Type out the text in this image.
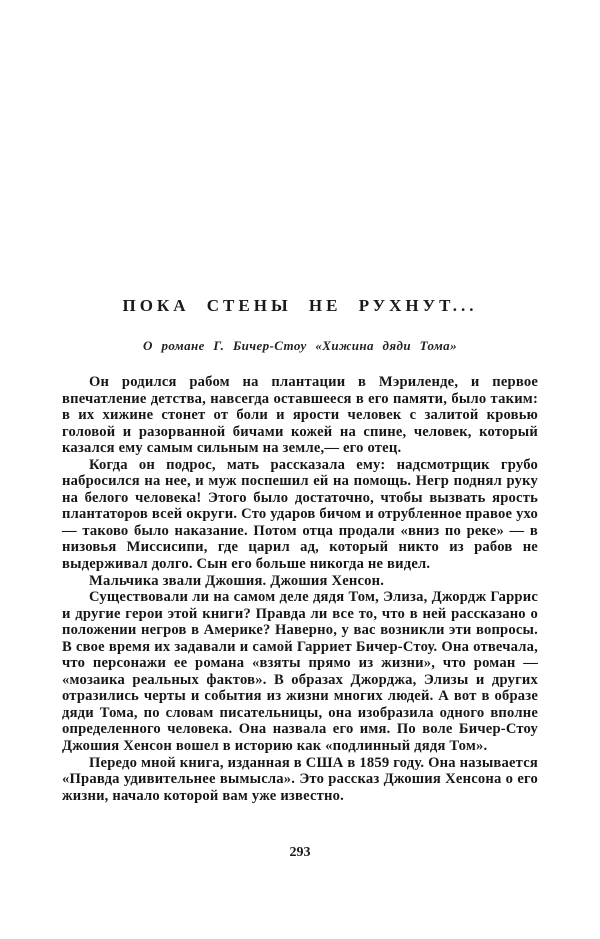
ПОКА СТЕНЫ НЕ РУХНУТ...
О романе Г. Бичер-Стоу «Хижина дяди Тома»

Он родился рабом на плантации в Мэриленде, и первое впечатление детства, навсегда оставшееся в его памяти, было таким: в их хижине стонет от боли и ярости человек с залитой кровью головой и разорванной бичами кожей на спине, человек, который казался ему самым сильным на земле,— его отец.

Когда он подрос, мать рассказала ему: надсмотрщик грубо набросился на нее, и муж поспешил ей на помощь. Негр поднял руку на белого человека! Этого было достаточно, чтобы вызвать ярость плантаторов всей округи. Сто ударов бичом и отрубленное правое ухо — таково было наказание. Потом отца продали «вниз по реке» — в низовья Миссисипи, где царил ад, который никто из рабов не выдерживал долго. Сын его больше никогда не видел.

Мальчика звали Джошия. Джошия Хенсон.

Существовали ли на самом деле дядя Том, Элиза, Джордж Гаррис и другие герои этой книги? Правда ли все то, что в ней рассказано о положении негров в Америке? Наверно, у вас возникли эти вопросы. В свое время их задавали и самой Гарриет Бичер-Стоу. Она отвечала, что персонажи ее романа «взяты прямо из жизни», что роман — «мозаика реальных фактов». В образах Джорджа, Элизы и других отразились черты и события из жизни многих людей. А вот в образе дяди Тома, по словам писательницы, она изобразила одного вполне определенного человека. Она назвала его имя. По воле Бичер-Стоу Джошия Хенсон вошел в историю как «подлинный дядя Том».

Передо мной книга, изданная в США в 1859 году. Она называется «Правда удивительнее вымысла». Это рассказ Джошия Хенсона о его жизни, начало которой вам уже известно.

293
